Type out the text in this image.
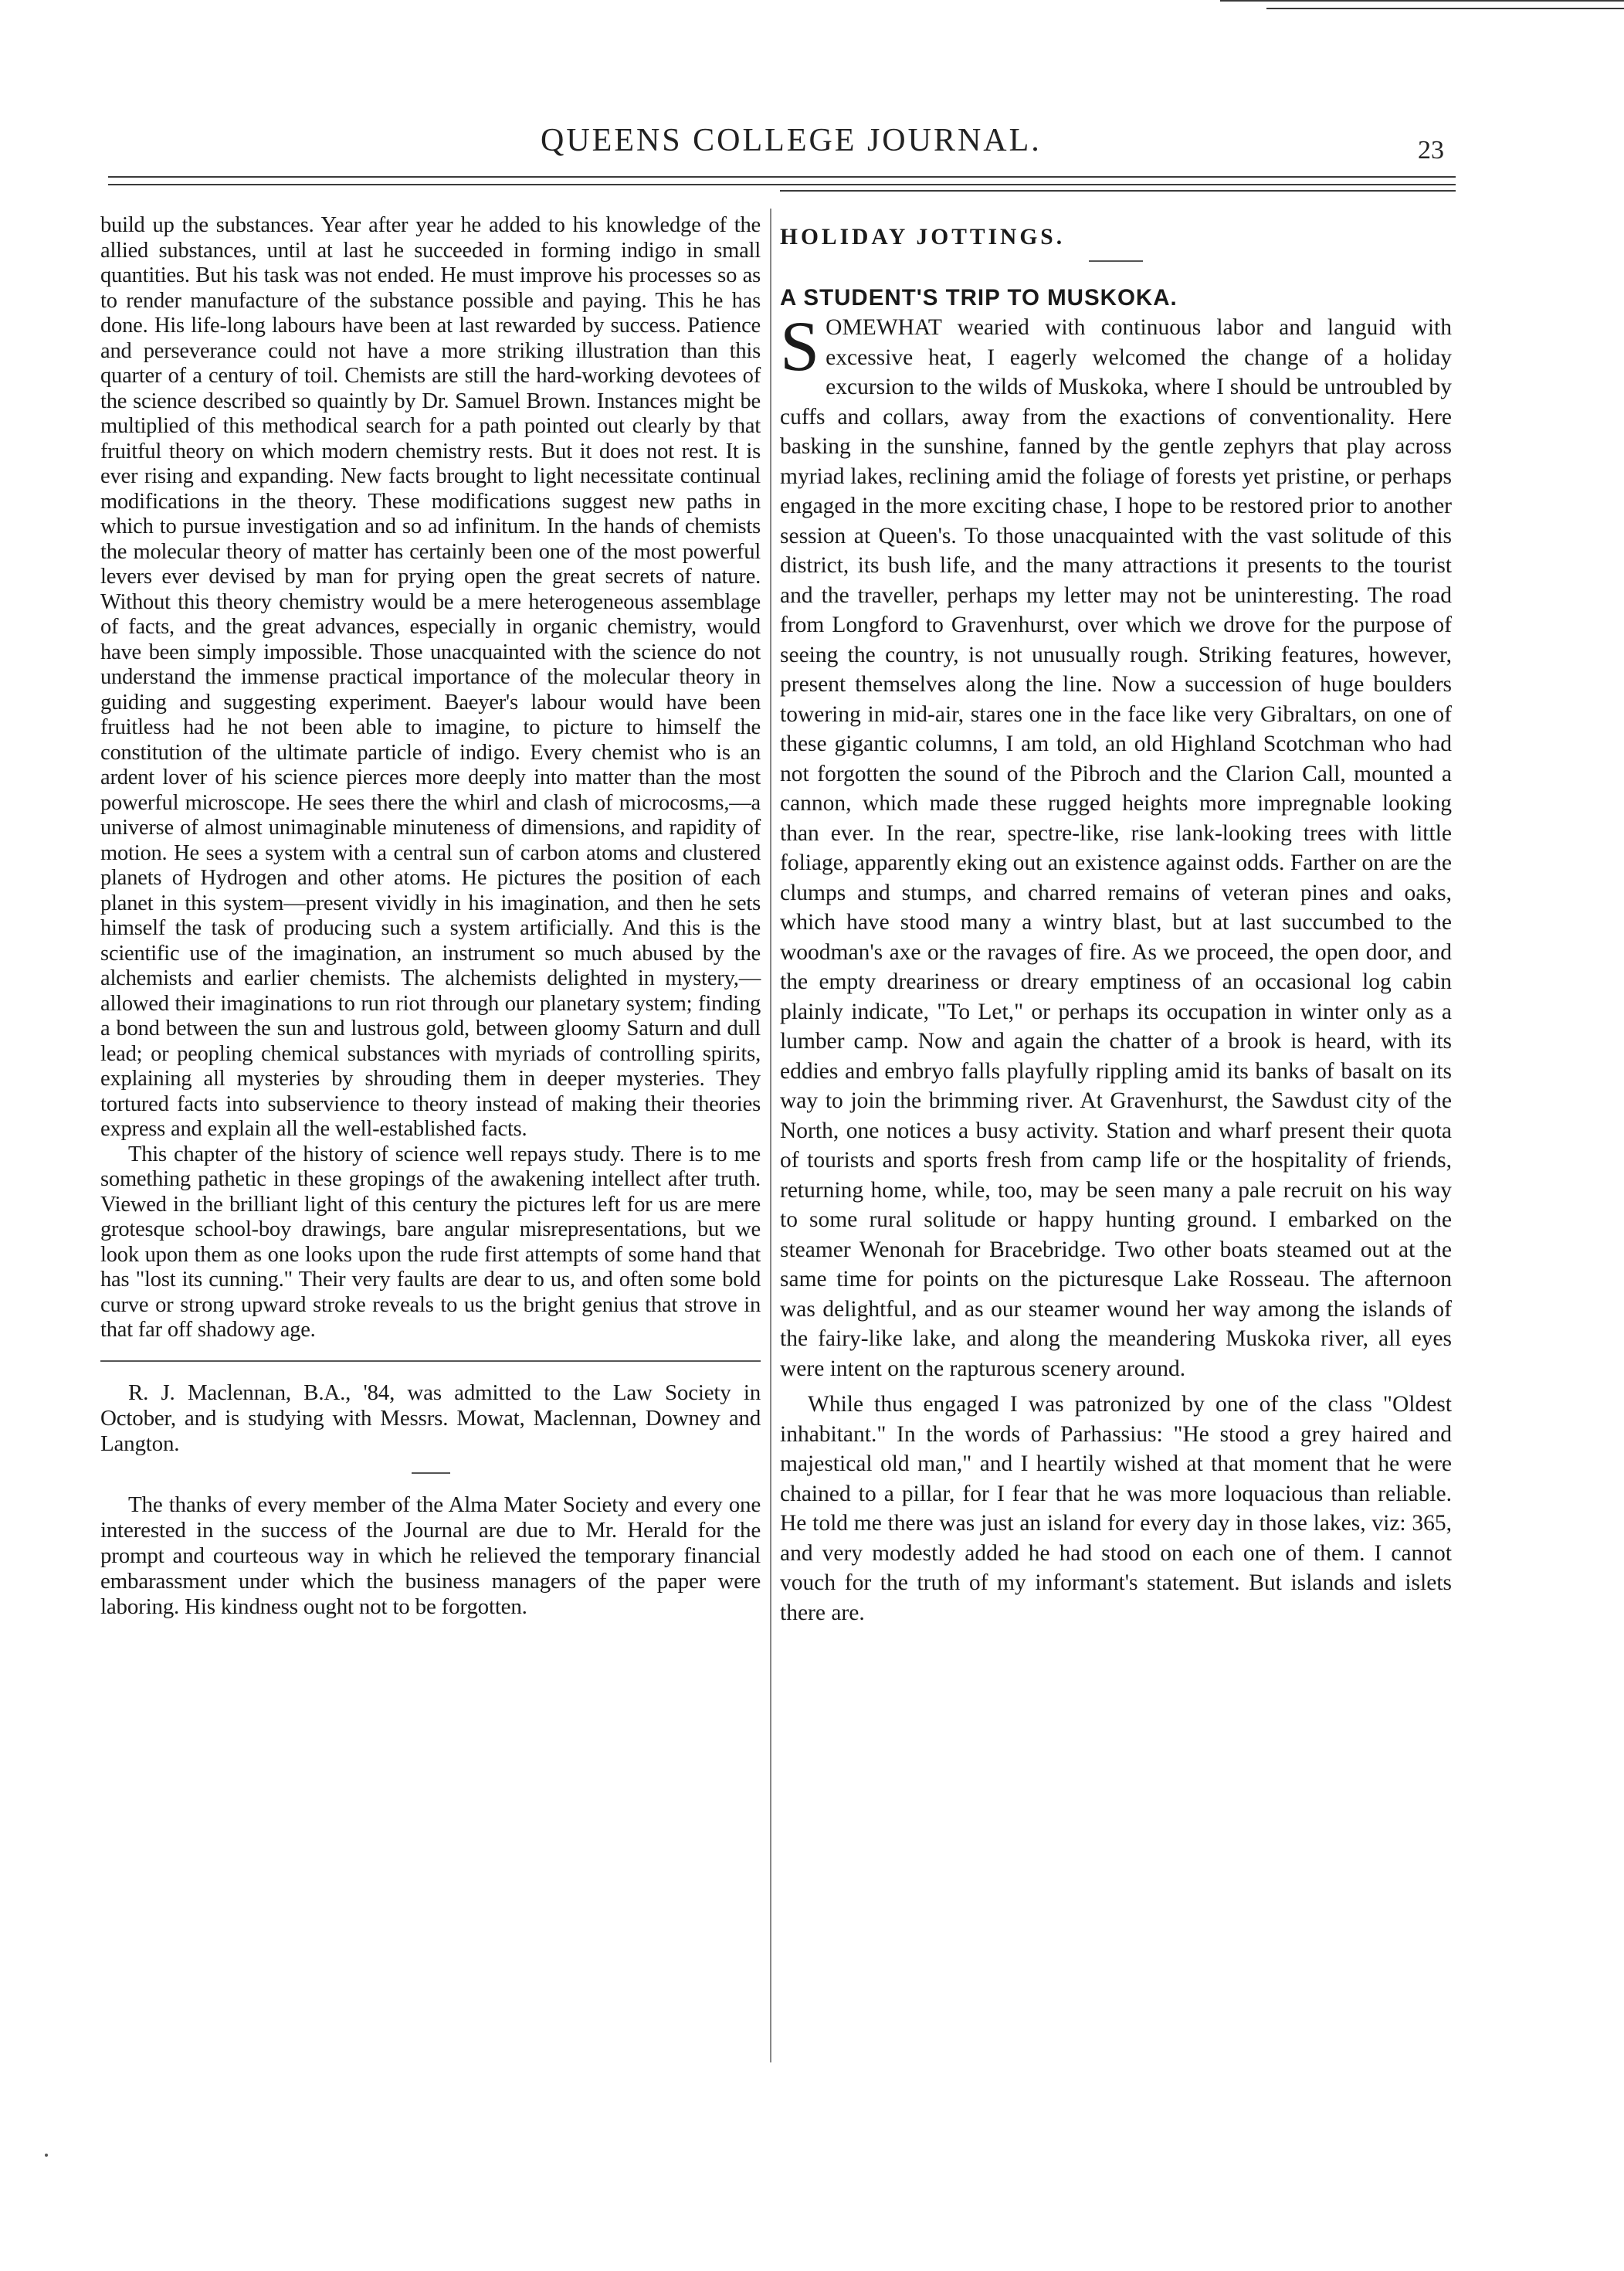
QUEENS COLLEGE JOURNAL.	23

build up the substances. Year after year he added to his knowledge of the allied substances, until at last he succeeded in forming indigo in small quantities. But his task was not ended. He must improve his processes so as to render manufacture of the substance possible and paying. This he has done. His life-long labours have been at last rewarded by success. Patience and perseverance could not have a more striking illustration than this quarter of a century of toil. Chemists are still the hard-working devotees of the science described so quaintly by Dr. Samuel Brown. Instances might be multiplied of this methodical search for a path pointed out clearly by that fruitful theory on which modern chemistry rests. But it does not rest. It is ever rising and expanding. New facts brought to light necessitate continual modifications in the theory. These modifications suggest new paths in which to pursue investigation and so ad infinitum. In the hands of chemists the molecular theory of matter has certainly been one of the most powerful levers ever devised by man for prying open the great secrets of nature. Without this theory chemistry would be a mere heterogeneous assemblage of facts, and the great advances, especially in organic chemistry, would have been simply impossible. Those unacquainted with the science do not understand the immense practical importance of the molecular theory in guiding and suggesting experiment. Baeyer's labour would have been fruitless had he not been able to imagine, to picture to himself the constitution of the ultimate particle of indigo. Every chemist who is an ardent lover of his science pierces more deeply into matter than the most powerful microscope. He sees there the whirl and clash of microcosms,—a universe of almost unimaginable minuteness of dimensions, and rapidity of motion. He sees a system with a central sun of carbon atoms and clustered planets of Hydrogen and other atoms. He pictures the position of each planet in this system—present vividly in his imagination, and then he sets himself the task of producing such a system artificially. And this is the scientific use of the imagination, an instrument so much abused by the alchemists and earlier chemists. The alchemists delighted in mystery,—allowed their imaginations to run riot through our planetary system; finding a bond between the sun and lustrous gold, between gloomy Saturn and dull lead; or peopling chemical substances with myriads of controlling spirits, explaining all mysteries by shrouding them in deeper mysteries. They tortured facts into subservience to theory instead of making their theories express and explain all the well-established facts.

This chapter of the history of science well repays study. There is to me something pathetic in these gropings of the awakening intellect after truth. Viewed in the brilliant light of this century the pictures left for us are mere grotesque school-boy drawings, bare angular misrepresentations, but we look upon them as one looks upon the rude first attempts of some hand that has "lost its cunning." Their very faults are dear to us, and often some bold curve or strong upward stroke reveals to us the bright genius that strove in that far off shadowy age.

R. J. Maclennan, B.A., '84, was admitted to the Law Society in October, and is studying with Messrs. Mowat, Maclennan, Downey and Langton.

The thanks of every member of the Alma Mater Society and every one interested in the success of the Journal are due to Mr. Herald for the prompt and courteous way in which he relieved the temporary financial embarassment under which the business managers of the paper were laboring. His kindness ought not to be forgotten.

HOLIDAY JOTTINGS.

A STUDENT'S TRIP TO MUSKOKA.

SOMEWHAT wearied with continuous labor and languid with excessive heat, I eagerly welcomed the change of a holiday excursion to the wilds of Muskoka, where I should be untroubled by cuffs and collars, away from the exactions of conventionality. Here basking in the sunshine, fanned by the gentle zephyrs that play across myriad lakes, reclining amid the foliage of forests yet pristine, or perhaps engaged in the more exciting chase, I hope to be restored prior to another session at Queen's. To those unacquainted with the vast solitude of this district, its bush life, and the many attractions it presents to the tourist and the traveller, perhaps my letter may not be uninteresting. The road from Longford to Gravenhurst, over which we drove for the purpose of seeing the country, is not unusually rough. Striking features, however, present themselves along the line. Now a succession of huge boulders towering in mid-air, stares one in the face like very Gibraltars, on one of these gigantic columns, I am told, an old Highland Scotchman who had not forgotten the sound of the Pibroch and the Clarion Call, mounted a cannon, which made these rugged heights more impregnable looking than ever. In the rear, spectre-like, rise lank-looking trees with little foliage, apparently eking out an existence against odds. Farther on are the clumps and stumps, and charred remains of veteran pines and oaks, which have stood many a wintry blast, but at last succumbed to the woodman's axe or the ravages of fire. As we proceed, the open door, and the empty dreariness or dreary emptiness of an occasional log cabin plainly indicate, "To Let," or perhaps its occupation in winter only as a lumber camp. Now and again the chatter of a brook is heard, with its eddies and embryo falls playfully rippling amid its banks of basalt on its way to join the brimming river. At Gravenhurst, the Sawdust city of the North, one notices a busy activity. Station and wharf present their quota of tourists and sports fresh from camp life or the hospitality of friends, returning home, while, too, may be seen many a pale recruit on his way to some rural solitude or happy hunting ground. I embarked on the steamer Wenonah for Bracebridge. Two other boats steamed out at the same time for points on the picturesque Lake Rosseau. The afternoon was delightful, and as our steamer wound her way among the islands of the fairy-like lake, and along the meandering Muskoka river, all eyes were intent on the rapturous scenery around.

While thus engaged I was patronized by one of the class "Oldest inhabitant." In the words of Parhassius: "He stood a grey haired and majestical old man," and I heartily wished at that moment that he were chained to a pillar, for I fear that he was more loquacious than reliable. He told me there was just an island for every day in those lakes, viz: 365, and very modestly added he had stood on each one of them. I cannot vouch for the truth of my informant's statement. But islands and islets there are.
